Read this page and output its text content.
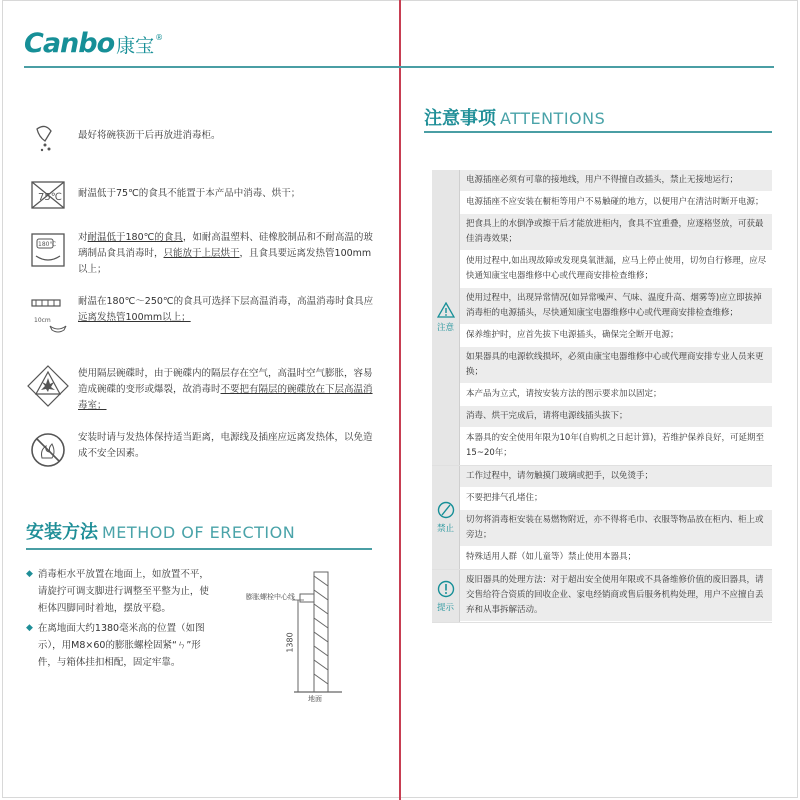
Canbo 康宝 ®
最好将碗筷沥干后再放进消毒柜。
75℃ 耐温低于75℃的食具不能置于本产品中消毒、烘干；
180℃
对耐温低于180℃的食具，如耐高温塑料、硅橡胶制品和不耐高温的玻璃制品食具消毒时，只能放于上层烘干，且食具要远离发热管100mm以上；
10cm
耐温在180℃～250℃的食具可选择下层高温消毒，高温消毒时食具应远离发热管100mm以上；
使用隔层碗碟时，由于碗碟内的隔层存在空气，高温时空气膨胀，容易造成碗碟的变形或爆裂，故消毒时不要把有隔层的碗碟放在下层高温消毒室；
安装时请与发热体保持适当距离，电源线及插座应远离发热体，以免造成不安全因素。
安装方法 METHOD OF ERECTION
◆ 消毒柜水平放置在地面上，如放置不平，请旋拧可调支脚进行调整至平整为止，使柜体四脚同时着地，摆放平稳。
◆ 在离地面大约1380毫米高的位置（如图示），用M8×60的膨胀螺栓固紧“ㄣ”形件，与箱体挂扣相配，固定牢靠。
膨胀螺栓中心线
1380
地面
注意事项 ATTENTIONS
注意
电源插座必须有可靠的接地线，用户不得擅自改插头，禁止无接地运行；
电源插座不应安装在橱柜等用户不易触碰的地方，以便用户在清洁时断开电源；
把食具上的水倒净或擦干后才能放进柜内，食具不宜重叠，应逐格竖放，可获最佳消毒效果；
使用过程中,如出现故障或发现臭氧泄漏，应马上停止使用，切勿自行修理，应尽快通知康宝电器维修中心或代理商安排检查维修；
使用过程中，出现异常情况(如异常噪声、气味、温度升高、烟雾等)应立即拔掉消毒柜的电源插头，尽快通知康宝电器维修中心或代理商安排检查维修；
保养维护时，应首先拔下电源插头，确保完全断开电源；
如果器具的电源软线损坏，必须由康宝电器维修中心或代理商安排专业人员来更换；
本产品为立式，请按安装方法的图示要求加以固定；
消毒、烘干完成后，请将电源线插头拔下；
本器具的安全使用年限为10年(自购机之日起计算)，若维护保养良好，可延期至15~20年；
禁止
工作过程中，请勿触摸门玻璃或把手，以免烫手；
不要把排气孔堵住；
切勿将消毒柜安装在易燃物附近，亦不得将毛巾、衣服等物品放在柜内、柜上或旁边；
特殊适用人群（如儿童等）禁止使用本器具；
提示
废旧器具的处理方法：对于超出安全使用年限或不具备维修价值的废旧器具，请交售给符合资质的回收企业、家电经销商或售后服务机构处理，用户不应擅自丢弃和从事拆解活动。
